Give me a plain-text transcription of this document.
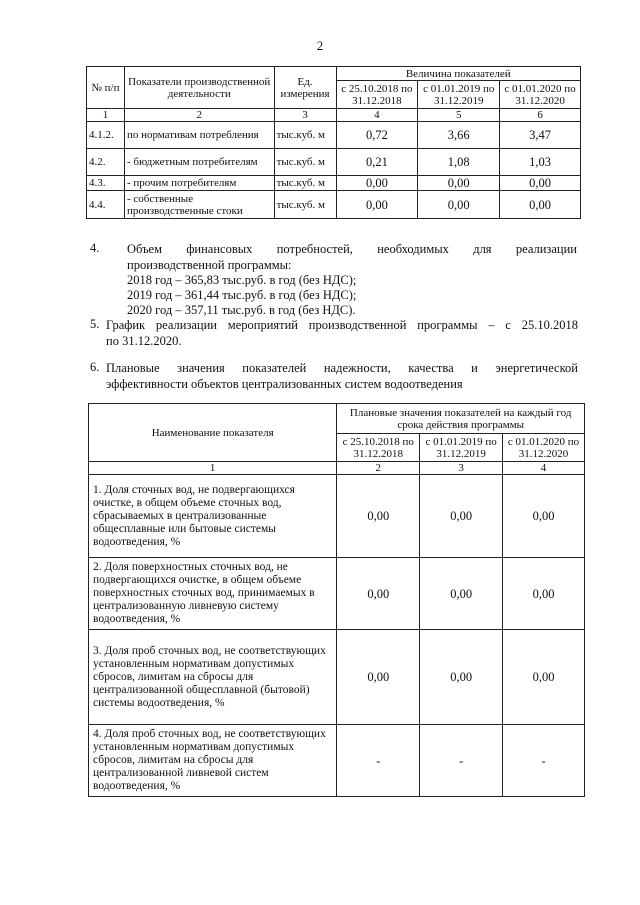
2
№ п/п	Показатели производственной деятельности	Ед. измерения	Величина показателей		
			с 25.10.2018 по 31.12.2018	с 01.01.2019 по 31.12.2019	с 01.01.2020 по 31.12.2020
1	2	3	4	5	6
4.1.2.	по нормативам потребления	тыс.куб. м	0,72	3,66	3,47
4.2.	- бюджетным потребителям	тыс.куб. м	0,21	1,08	1,03
4.3.	- прочим потребителям	тыс.куб. м	0,00	0,00	0,00
4.4.	- собственные производственные стоки	тыс.куб. м	0,00	0,00	0,00
4. Объем финансовых потребностей, необходимых для реализации
производственной программы:
2018 год – 365,83 тыс.руб. в год (без НДС);
2019 год – 361,44 тыс.руб. в год (без НДС);
2020 год – 357,11 тыс.руб. в год (без НДС).
5. График реализации мероприятий производственной программы – с 25.10.2018
по 31.12.2020.
6. Плановые значения показателей надежности, качества и энергетической
эффективности объектов централизованных систем водоотведения
Наименование показателя	Плановые значения показателей на каждый год срока действия программы		
	с 25.10.2018 по 31.12.2018	с 01.01.2019 по 31.12.2019	с 01.01.2020 по 31.12.2020
1	2	3	4
1. Доля сточных вод, не подвергающихся очистке, в общем объеме сточных вод, сбрасываемых в централизованные общесплавные или бытовые системы водоотведения, %	0,00	0,00	0,00
2. Доля поверхностных сточных вод, не подвергающихся очистке, в общем объеме поверхностных сточных вод, принимаемых в централизованную ливневую систему водоотведения, %	0,00	0,00	0,00
3. Доля проб сточных вод, не соответствующих установленным нормативам допустимых сбросов, лимитам на сбросы для централизованной общесплавной (бытовой) системы водоотведения, %	0,00	0,00	0,00
4. Доля проб сточных вод, не соответствующих установленным нормативам допустимых сбросов, лимитам на сбросы для централизованной ливневой систем водоотведения, %	-	-	-
